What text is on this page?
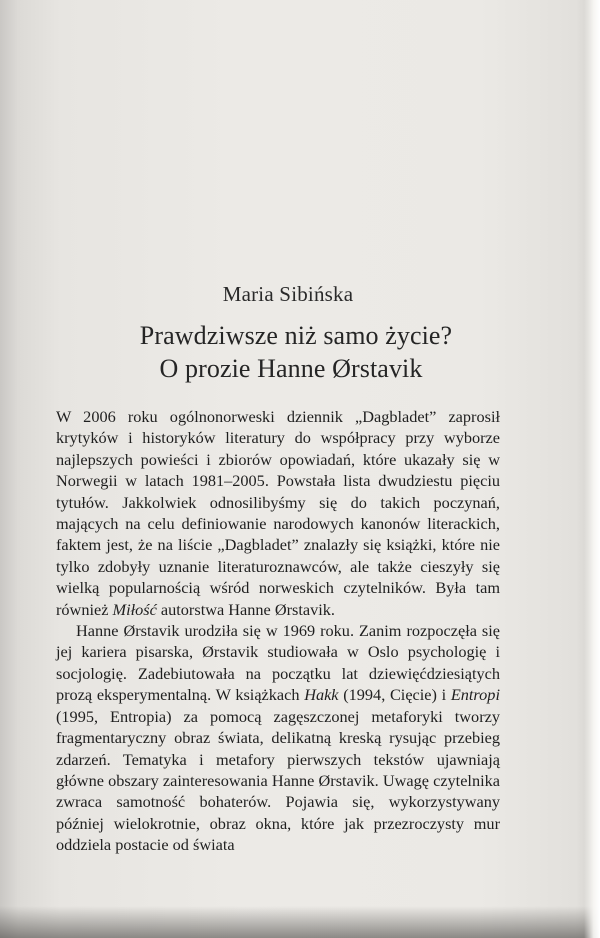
Maria Sibińska
Prawdziwsze niż samo życie?
O prozie Hanne Ørstavik

W 2006 roku ogólnonorweski dziennik „Dagbladet” zaprosił krytyków i historyków literatury do współpracy przy wyborze najlepszych powieści i zbiorów opowiadań, które ukazały się w Norwegii w latach 1981–2005. Powstała lista dwudziestu pięciu tytułów. Jakkolwiek odnosilibyśmy się do takich poczynań, mających na celu definiowanie narodowych kanonów literackich, faktem jest, że na liście „Dagbladet” znalazły się książki, które nie tylko zdobyły uznanie literaturoznawców, ale także cieszyły się wielką popularnością wśród norweskich czytelników. Była tam również Miłość autorstwa Hanne Ørstavik.

Hanne Ørstavik urodziła się w 1969 roku. Zanim rozpoczęła się jej kariera pisarska, Ørstavik studiowała w Oslo psychologię i socjologię. Zadebiutowała na początku lat dziewięćdziesiątych prozą eksperymentalną. W książkach Hakk (1994, Cięcie) i Entropi (1995, Entropia) za pomocą zagęszczonej metaforyki tworzy fragmentaryczny obraz świata, delikatną kreską rysując przebieg zdarzeń. Tematyka i metafory pierwszych tekstów ujawniają główne obszary zainteresowania Hanne Ørstavik. Uwagę czytelnika zwraca samotność bohaterów. Pojawia się, wykorzystywany później wielokrotnie, obraz okna, które jak przezroczysty mur oddziela postacie od świata
